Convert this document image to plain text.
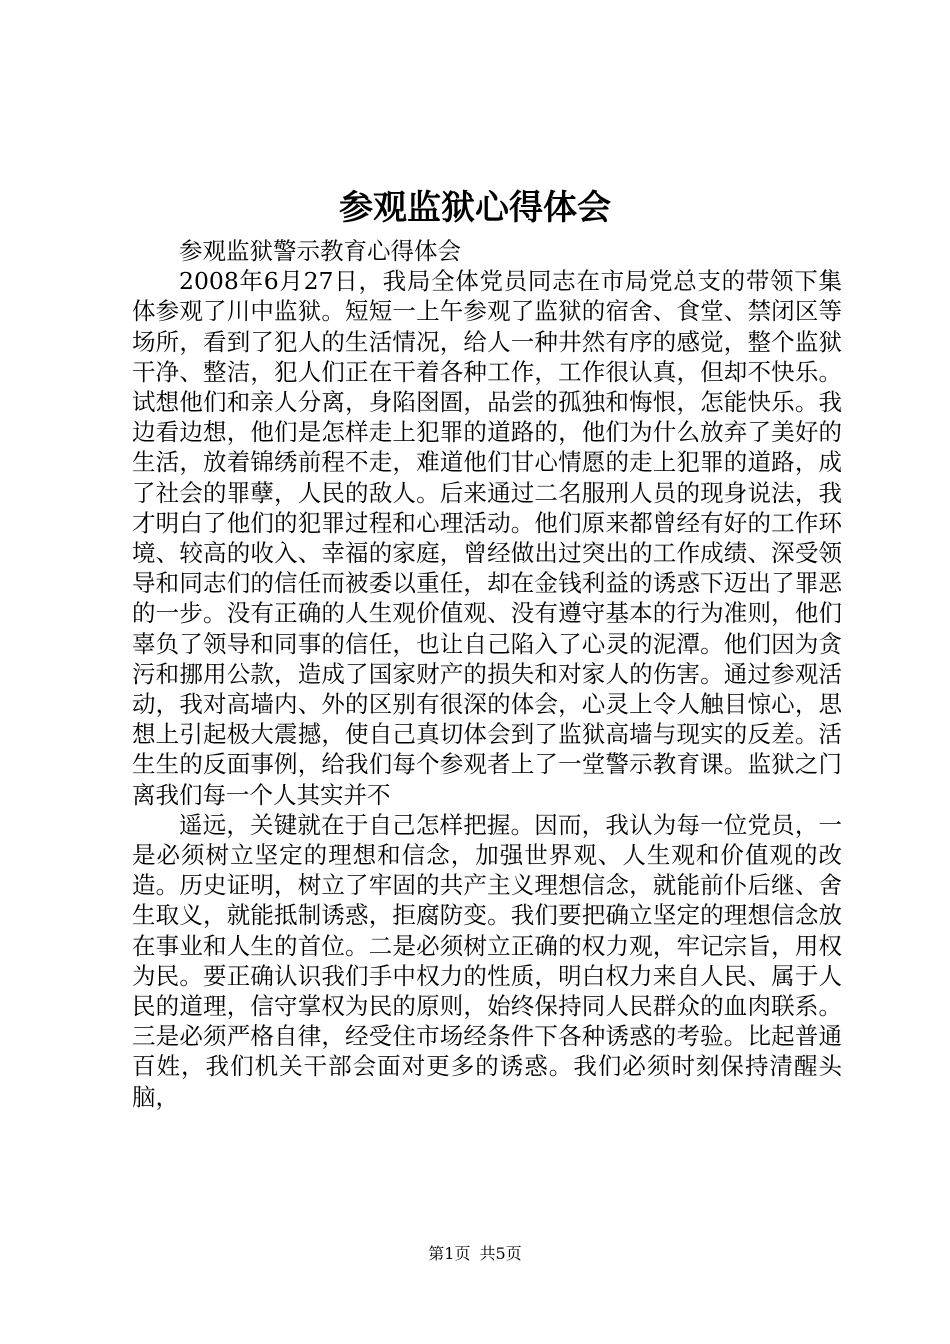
参观监狱心得体会

参观监狱警示教育心得体会

2008年6月27日，我局全体党员同志在市局党总支的带领下集体参观了川中监狱。短短一上午参观了监狱的宿舍、食堂、禁闭区等场所，看到了犯人的生活情况，给人一种井然有序的感觉，整个监狱干净、整洁，犯人们正在干着各种工作，工作很认真，但却不快乐。试想他们和亲人分离，身陷囹圄，品尝的孤独和悔恨，怎能快乐。我边看边想，他们是怎样走上犯罪的道路的，他们为什么放弃了美好的生活，放着锦绣前程不走，难道他们甘心情愿的走上犯罪的道路，成了社会的罪孽，人民的敌人。后来通过二名服刑人员的现身说法，我才明白了他们的犯罪过程和心理活动。他们原来都曾经有好的工作环境、较高的收入、幸福的家庭，曾经做出过突出的工作成绩、深受领导和同志们的信任而被委以重任，却在金钱利益的诱惑下迈出了罪恶的一步。没有正确的人生观价值观、没有遵守基本的行为准则，他们辜负了领导和同事的信任，也让自己陷入了心灵的泥潭。他们因为贪污和挪用公款，造成了国家财产的损失和对家人的伤害。通过参观活动，我对高墙内、外的区别有很深的体会，心灵上令人触目惊心，思想上引起极大震撼，使自己真切体会到了监狱高墙与现实的反差。活生生的反面事例，给我们每个参观者上了一堂警示教育课。监狱之门离我们每一个人其实并不

遥远，关键就在于自己怎样把握。因而，我认为每一位党员，一是必须树立坚定的理想和信念，加强世界观、人生观和价值观的改造。历史证明，树立了牢固的共产主义理想信念，就能前仆后继、舍生取义，就能抵制诱惑，拒腐防变。我们要把确立坚定的理想信念放在事业和人生的首位。二是必须树立正确的权力观，牢记宗旨，用权为民。要正确认识我们手中权力的性质，明白权力来自人民、属于人民的道理，信守掌权为民的原则，始终保持同人民群众的血肉联系。三是必须严格自律，经受住市场经条件下各种诱惑的考验。比起普通百姓，我们机关干部会面对更多的诱惑。我们必须时刻保持清醒头脑，

第1页 共5页
